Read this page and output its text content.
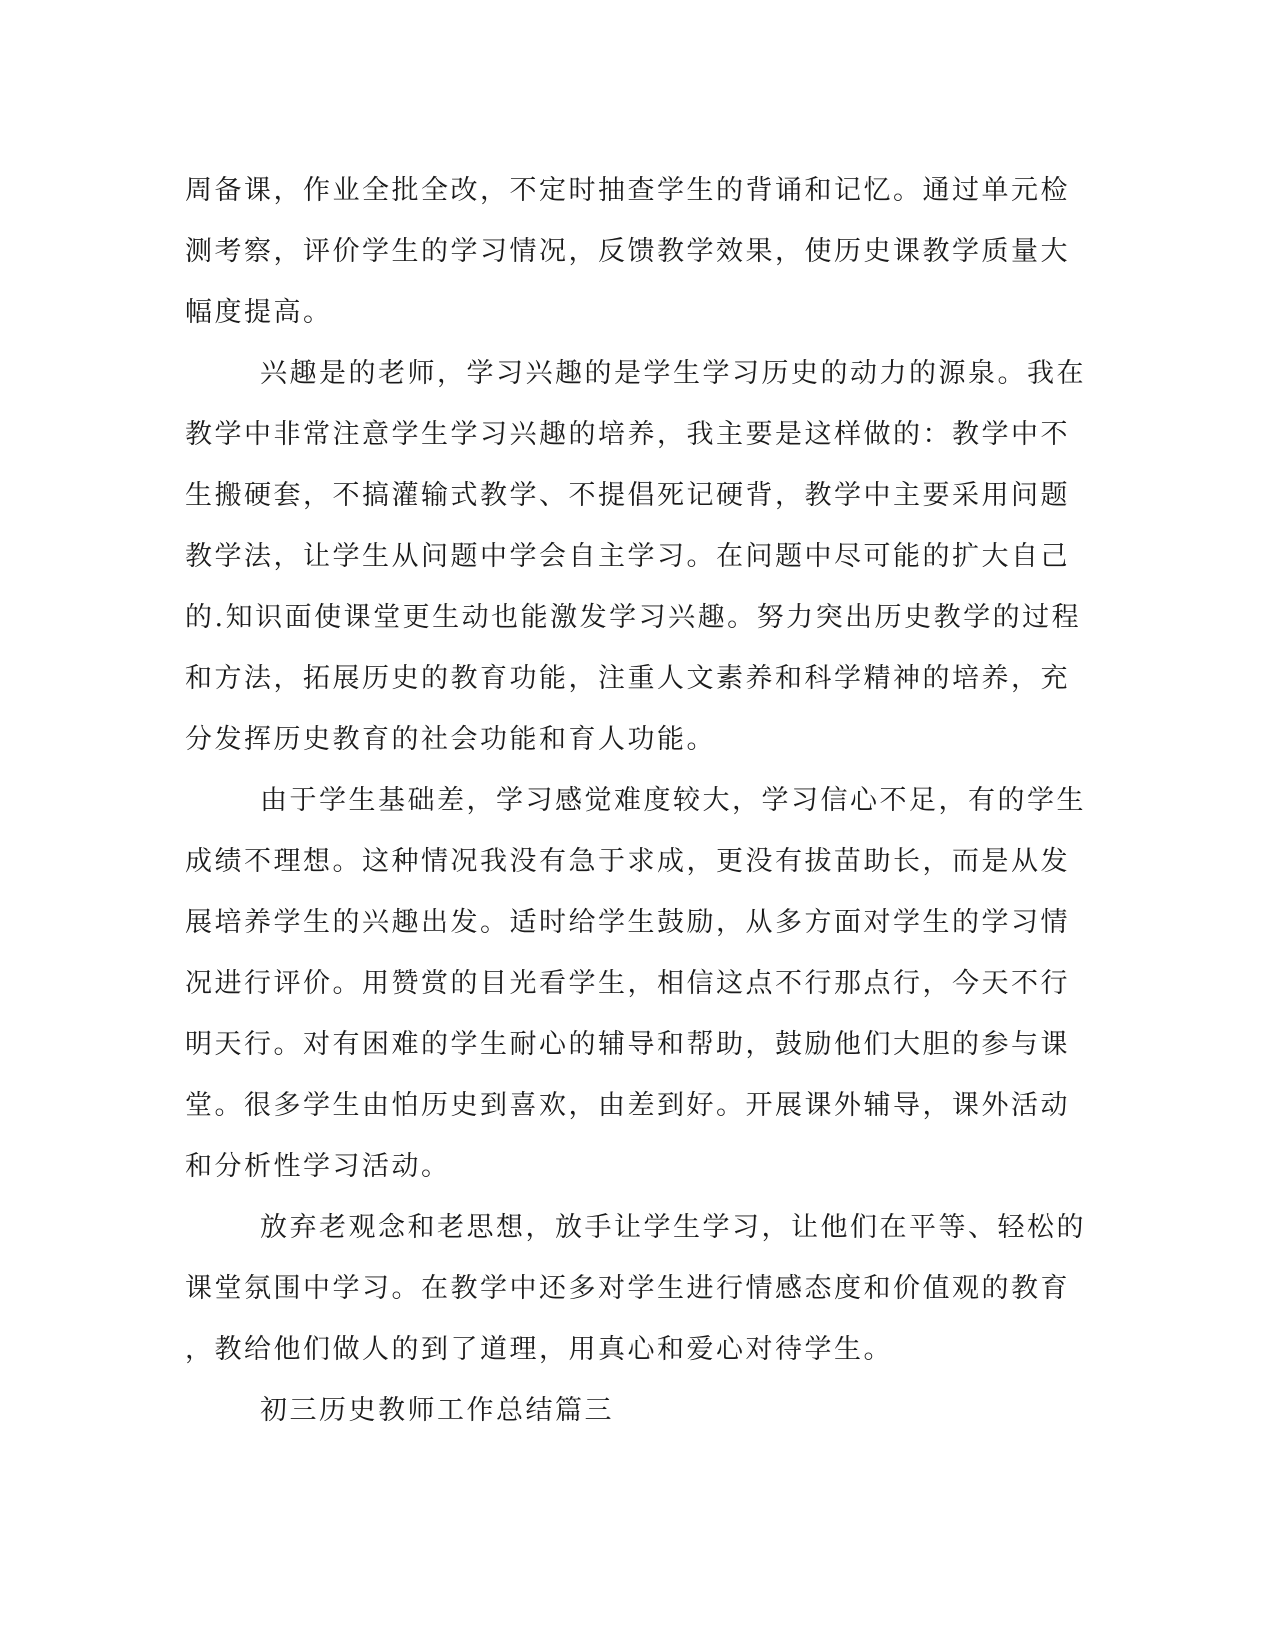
周备课，作业全批全改，不定时抽查学生的背诵和记忆。通过单元检
测考察，评价学生的学习情况，反馈教学效果，使历史课教学质量大
幅度提高。
兴趣是的老师，学习兴趣的是学生学习历史的动力的源泉。我在
教学中非常注意学生学习兴趣的培养，我主要是这样做的：教学中不
生搬硬套，不搞灌输式教学、不提倡死记硬背，教学中主要采用问题
教学法，让学生从问题中学会自主学习。在问题中尽可能的扩大自己
的.知识面使课堂更生动也能激发学习兴趣。努力突出历史教学的过程
和方法，拓展历史的教育功能，注重人文素养和科学精神的培养，充
分发挥历史教育的社会功能和育人功能。
由于学生基础差，学习感觉难度较大，学习信心不足，有的学生
成绩不理想。这种情况我没有急于求成，更没有拔苗助长，而是从发
展培养学生的兴趣出发。适时给学生鼓励，从多方面对学生的学习情
况进行评价。用赞赏的目光看学生，相信这点不行那点行，今天不行
明天行。对有困难的学生耐心的辅导和帮助，鼓励他们大胆的参与课
堂。很多学生由怕历史到喜欢，由差到好。开展课外辅导，课外活动
和分析性学习活动。
放弃老观念和老思想，放手让学生学习，让他们在平等、轻松的
课堂氛围中学习。在教学中还多对学生进行情感态度和价值观的教育
，教给他们做人的到了道理，用真心和爱心对待学生。
初三历史教师工作总结篇三
